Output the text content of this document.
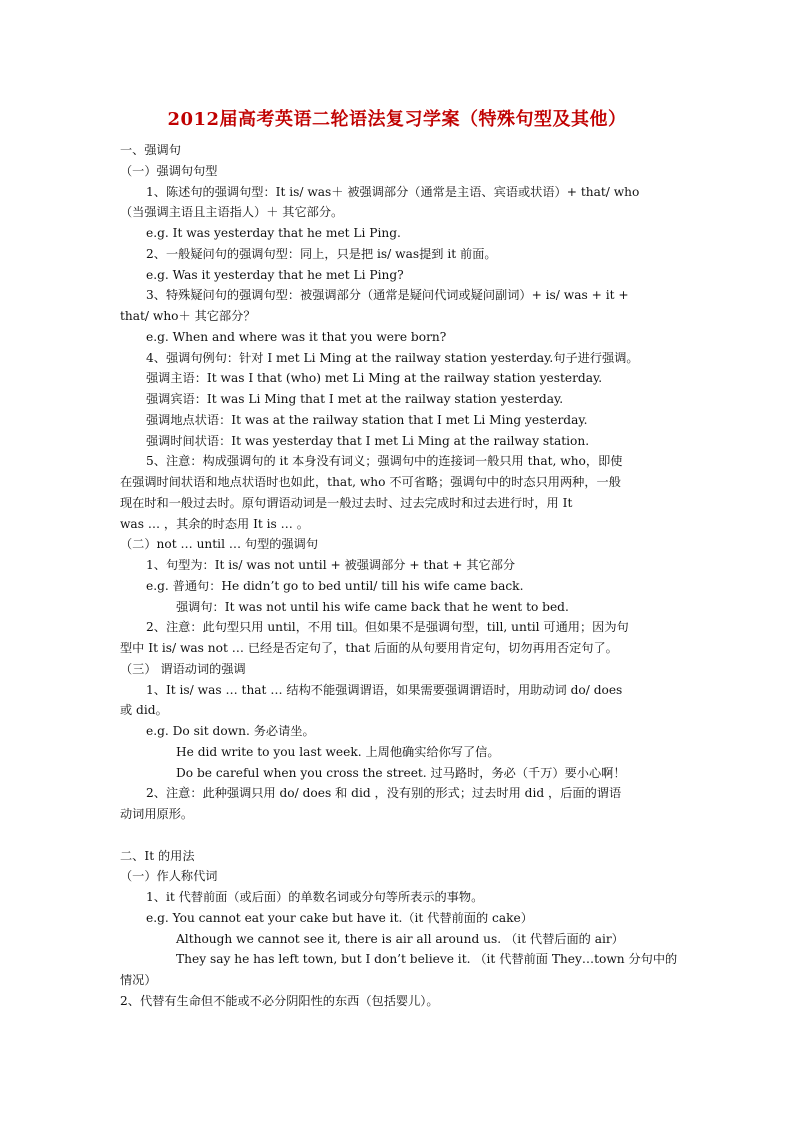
2012届高考英语二轮语法复习学案（特殊句型及其他）
一、强调句
（一）强调句句型
1、陈述句的强调句型：It is/ was＋ 被强调部分（通常是主语、宾语或状语）+ that/ who
（当强调主语且主语指人）＋ 其它部分。
e.g. It was yesterday that he met Li Ping.
2、一般疑问句的强调句型：同上，只是把 is/ was提到 it 前面。
e.g. Was it yesterday that he met Li Ping?
3、特殊疑问句的强调句型：被强调部分（通常是疑问代词或疑问副词）+ is/ was + it +
that/ who＋ 其它部分？
e.g. When and where was it that you were born?
4、强调句例句：针对 I met Li Ming at the railway station yesterday.句子进行强调。
强调主语：It was I that (who) met Li Ming at the railway station yesterday.
强调宾语：It was Li Ming that I met at the railway station yesterday.
强调地点状语：It was at the railway station that I met Li Ming yesterday.
强调时间状语：It was yesterday that I met Li Ming at the railway station.
5、注意：构成强调句的 it 本身没有词义；强调句中的连接词一般只用 that, who，即使
在强调时间状语和地点状语时也如此，that, who 不可省略；强调句中的时态只用两种，一般
现在时和一般过去时。原句谓语动词是一般过去时、过去完成时和过去进行时，用 It
was … ，其余的时态用 It is … 。
（二）not … until … 句型的强调句
1、句型为：It is/ was not until + 被强调部分 + that + 其它部分
e.g. 普通句：He didn’t go to bed until/ till his wife came back.
强调句：It was not until his wife came back that he went to bed.
2、注意：此句型只用 until，不用 till。但如果不是强调句型，till, until 可通用；因为句
型中 It is/ was not … 已经是否定句了，that 后面的从句要用肯定句，切勿再用否定句了。
（三） 谓语动词的强调
1、It is/ was … that … 结构不能强调谓语，如果需要强调谓语时，用助动词 do/ does
或 did。
e.g. Do sit down. 务必请坐。
He did write to you last week. 上周他确实给你写了信。
Do be careful when you cross the street. 过马路时，务必（千万）要小心啊！
2、注意：此种强调只用 do/ does 和 did ，没有别的形式；过去时用 did ，后面的谓语
动词用原形。
二、It 的用法
（一）作人称代词
1、it 代替前面（或后面）的单数名词或分句等所表示的事物。
e.g. You cannot eat your cake but have it.（it 代替前面的 cake）
Although we cannot see it, there is air all around us. （it 代替后面的 air）
They say he has left town, but I don’t believe it. （it 代替前面 They…town 分句中的
情况）
2、代替有生命但不能或不必分阴阳性的东西（包括婴儿）。
